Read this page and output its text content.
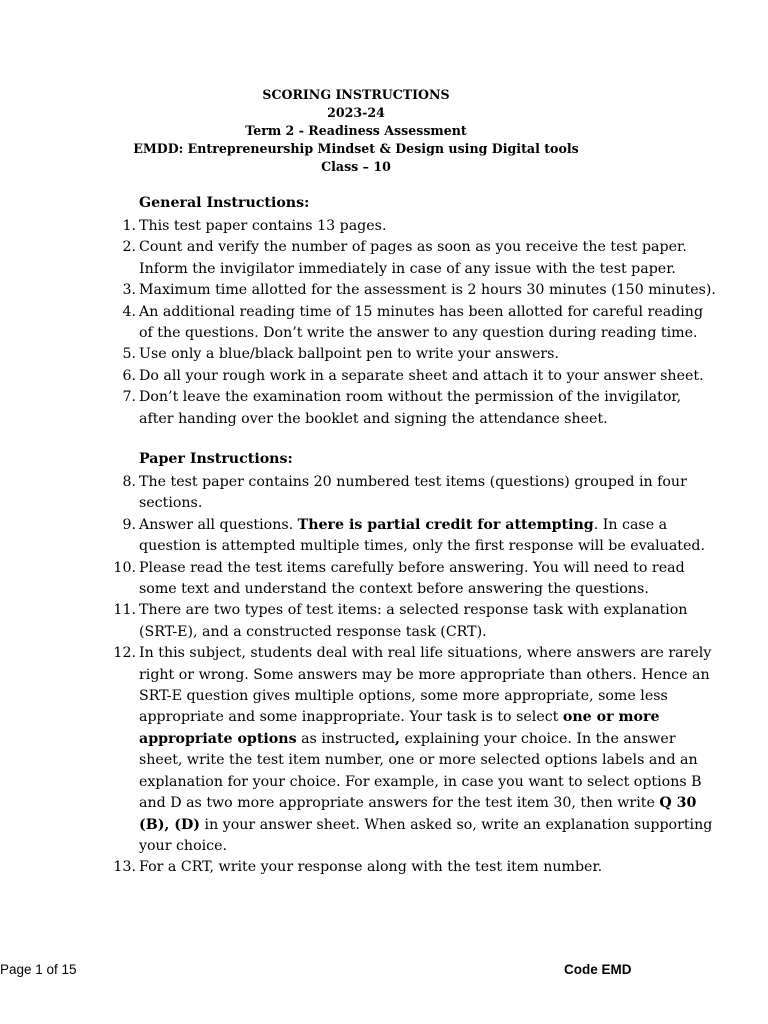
SCORING INSTRUCTIONS
2023-24
Term 2 - Readiness Assessment
EMDD: Entrepreneurship Mindset & Design using Digital tools
Class – 10
General Instructions:
1. This test paper contains 13 pages.
2. Count and verify the number of pages as soon as you receive the test paper. Inform the invigilator immediately in case of any issue with the test paper.
3. Maximum time allotted for the assessment is 2 hours 30 minutes (150 minutes).
4. An additional reading time of 15 minutes has been allotted for careful reading of the questions. Don’t write the answer to any question during reading time.
5. Use only a blue/black ballpoint pen to write your answers.
6. Do all your rough work in a separate sheet and attach it to your answer sheet.
7. Don’t leave the examination room without the permission of the invigilator, after handing over the booklet and signing the attendance sheet.
Paper Instructions:
8. The test paper contains 20 numbered test items (questions) grouped in four sections.
9. Answer all questions. There is partial credit for attempting. In case a question is attempted multiple times, only the first response will be evaluated.
10. Please read the test items carefully before answering. You will need to read some text and understand the context before answering the questions.
11. There are two types of test items: a selected response task with explanation (SRT-E), and a constructed response task (CRT).
12. In this subject, students deal with real life situations, where answers are rarely right or wrong. Some answers may be more appropriate than others. Hence an SRT-E question gives multiple options, some more appropriate, some less appropriate and some inappropriate. Your task is to select one or more appropriate options as instructed, explaining your choice. In the answer sheet, write the test item number, one or more selected options labels and an explanation for your choice. For example, in case you want to select options B and D as two more appropriate answers for the test item 30, then write Q 30 (B), (D) in your answer sheet. When asked so, write an explanation supporting your choice.
13. For a CRT, write your response along with the test item number.
Page 1 of 15	Code EMD
